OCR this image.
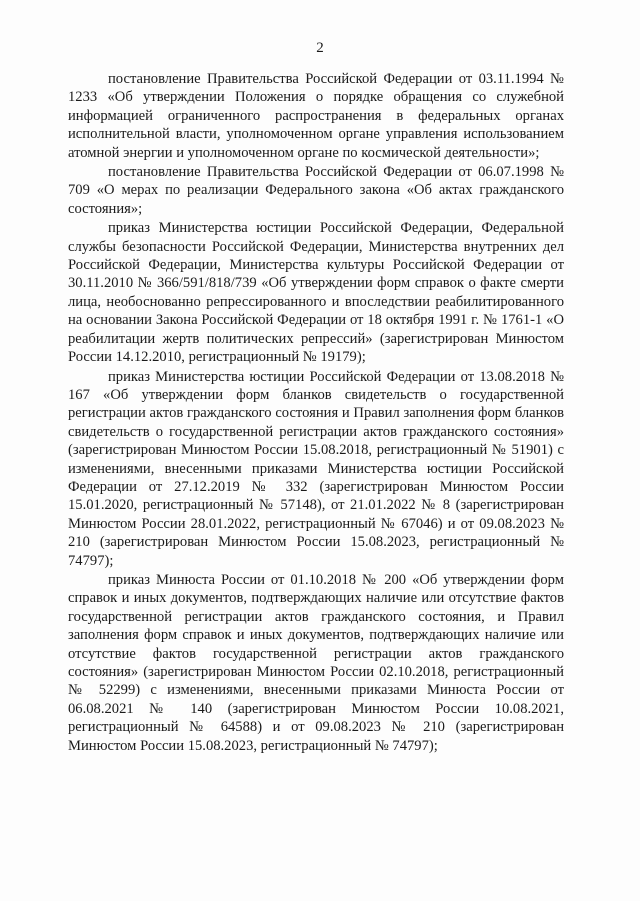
2

постановление Правительства Российской Федерации от 03.11.1994 № 1233 «Об утверждении Положения о порядке обращения со служебной информацией ограниченного распространения в федеральных органах исполнительной власти, уполномоченном органе управления использованием атомной энергии и уполномоченном органе по космической деятельности»;

постановление Правительства Российской Федерации от 06.07.1998 № 709 «О мерах по реализации Федерального закона «Об актах гражданского состояния»;

приказ Министерства юстиции Российской Федерации, Федеральной службы безопасности Российской Федерации, Министерства внутренних дел Российской Федерации, Министерства культуры Российской Федерации от 30.11.2010 № 366/591/818/739 «Об утверждении форм справок о факте смерти лица, необоснованно репрессированного и впоследствии реабилитированного на основании Закона Российской Федерации от 18 октября 1991 г. № 1761-1 «О реабилитации жертв политических репрессий» (зарегистрирован Минюстом России 14.12.2010, регистрационный № 19179);

приказ Министерства юстиции Российской Федерации от 13.08.2018 № 167 «Об утверждении форм бланков свидетельств о государственной регистрации актов гражданского состояния и Правил заполнения форм бланков свидетельств о государственной регистрации актов гражданского состояния» (зарегистрирован Минюстом России 15.08.2018, регистрационный № 51901) с изменениями, внесенными приказами Министерства юстиции Российской Федерации от 27.12.2019 № 332 (зарегистрирован Минюстом России 15.01.2020, регистрационный № 57148), от 21.01.2022 № 8 (зарегистрирован Минюстом России 28.01.2022, регистрационный № 67046) и от 09.08.2023 № 210 (зарегистрирован Минюстом России 15.08.2023, регистрационный № 74797);

приказ Минюста России от 01.10.2018 № 200 «Об утверждении форм справок и иных документов, подтверждающих наличие или отсутствие фактов государственной регистрации актов гражданского состояния, и Правил заполнения форм справок и иных документов, подтверждающих наличие или отсутствие фактов государственной регистрации актов гражданского состояния» (зарегистрирован Минюстом России 02.10.2018, регистрационный № 52299) с изменениями, внесенными приказами Минюста России от 06.08.2021 № 140 (зарегистрирован Минюстом России 10.08.2021, регистрационный № 64588) и от 09.08.2023 № 210 (зарегистрирован Минюстом России 15.08.2023, регистрационный № 74797);
